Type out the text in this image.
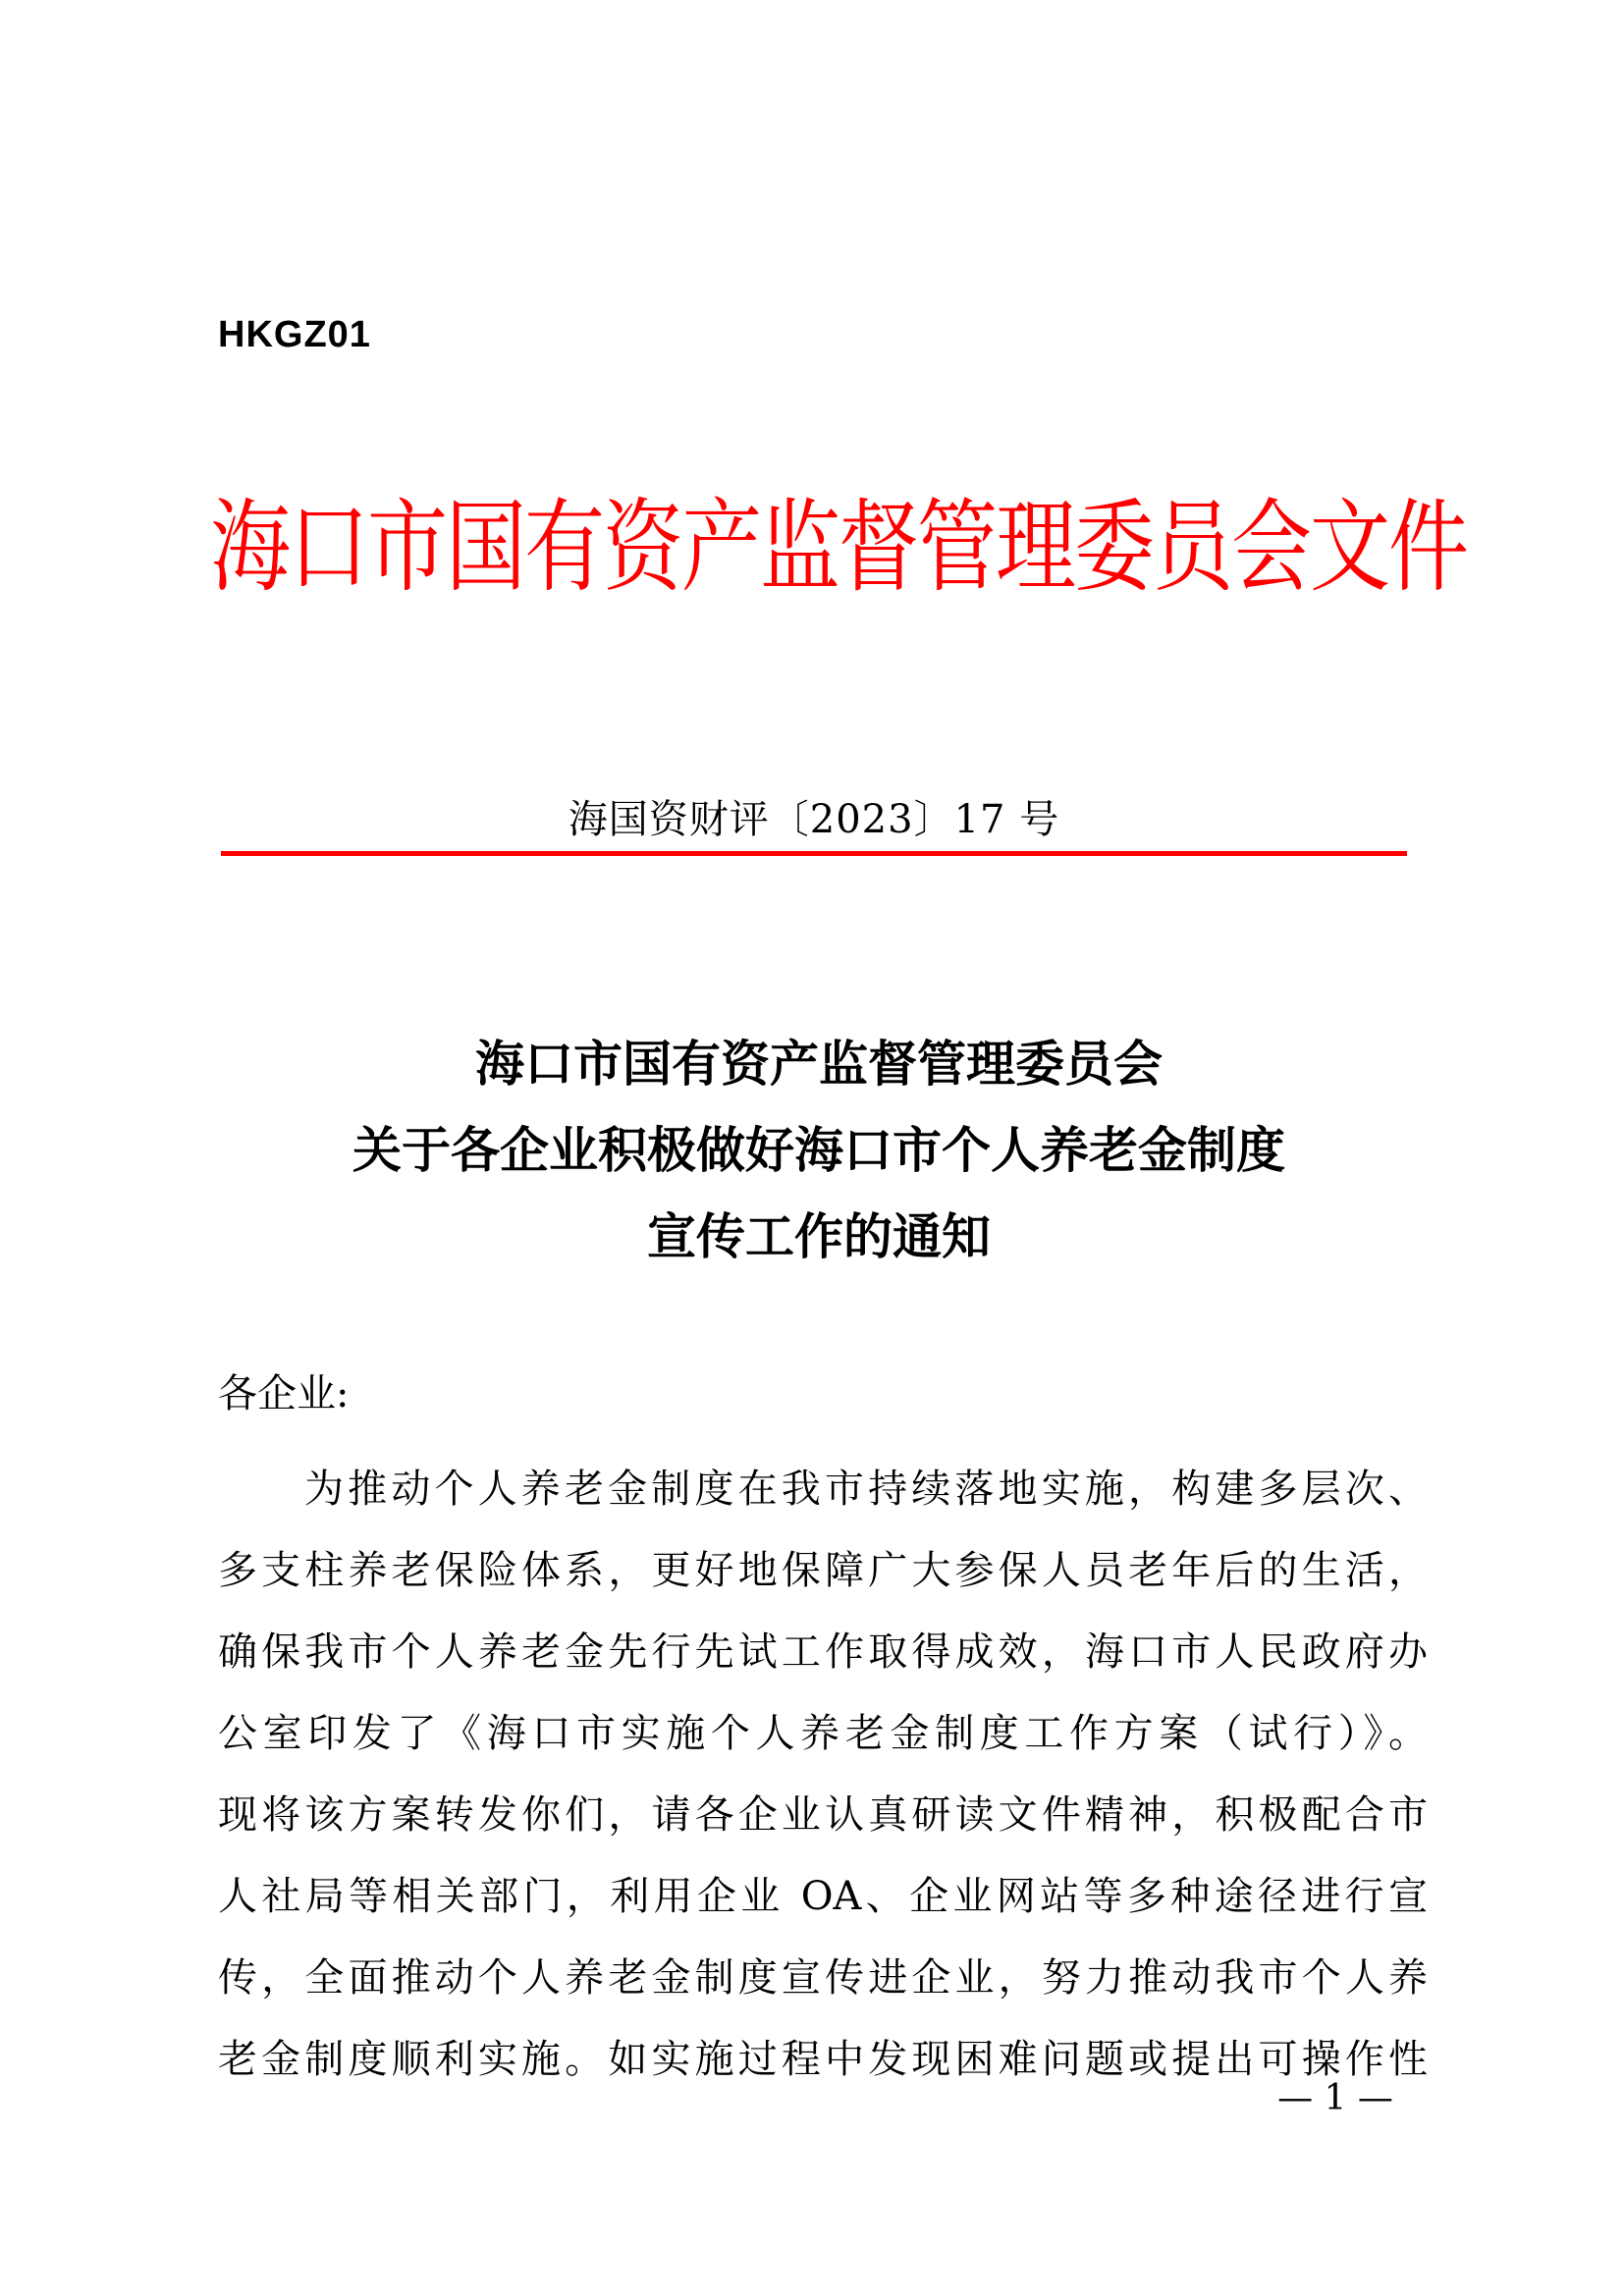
HKGZ01
海口市国有资产监督管理委员会文件
海国资财评〔2023〕17 号
海口市国有资产监督管理委员会
关于各企业积极做好海口市个人养老金制度
宣传工作的通知
各企业:
为推动个人养老金制度在我市持续落地实施，构建多层次、
多支柱养老保险体系，更好地保障广大参保人员老年后的生活，
确保我市个人养老金先行先试工作取得成效，海口市人民政府办
公室印发了《海口市实施个人养老金制度工作方案（试行）》。
现将该方案转发你们，请各企业认真研读文件精神，积极配合市
人社局等相关部门，利用企业 OA、企业网站等多种途径进行宣
传，全面推动个人养老金制度宣传进企业，努力推动我市个人养
老金制度顺利实施。如实施过程中发现困难问题或提出可操作性
— 1 —
